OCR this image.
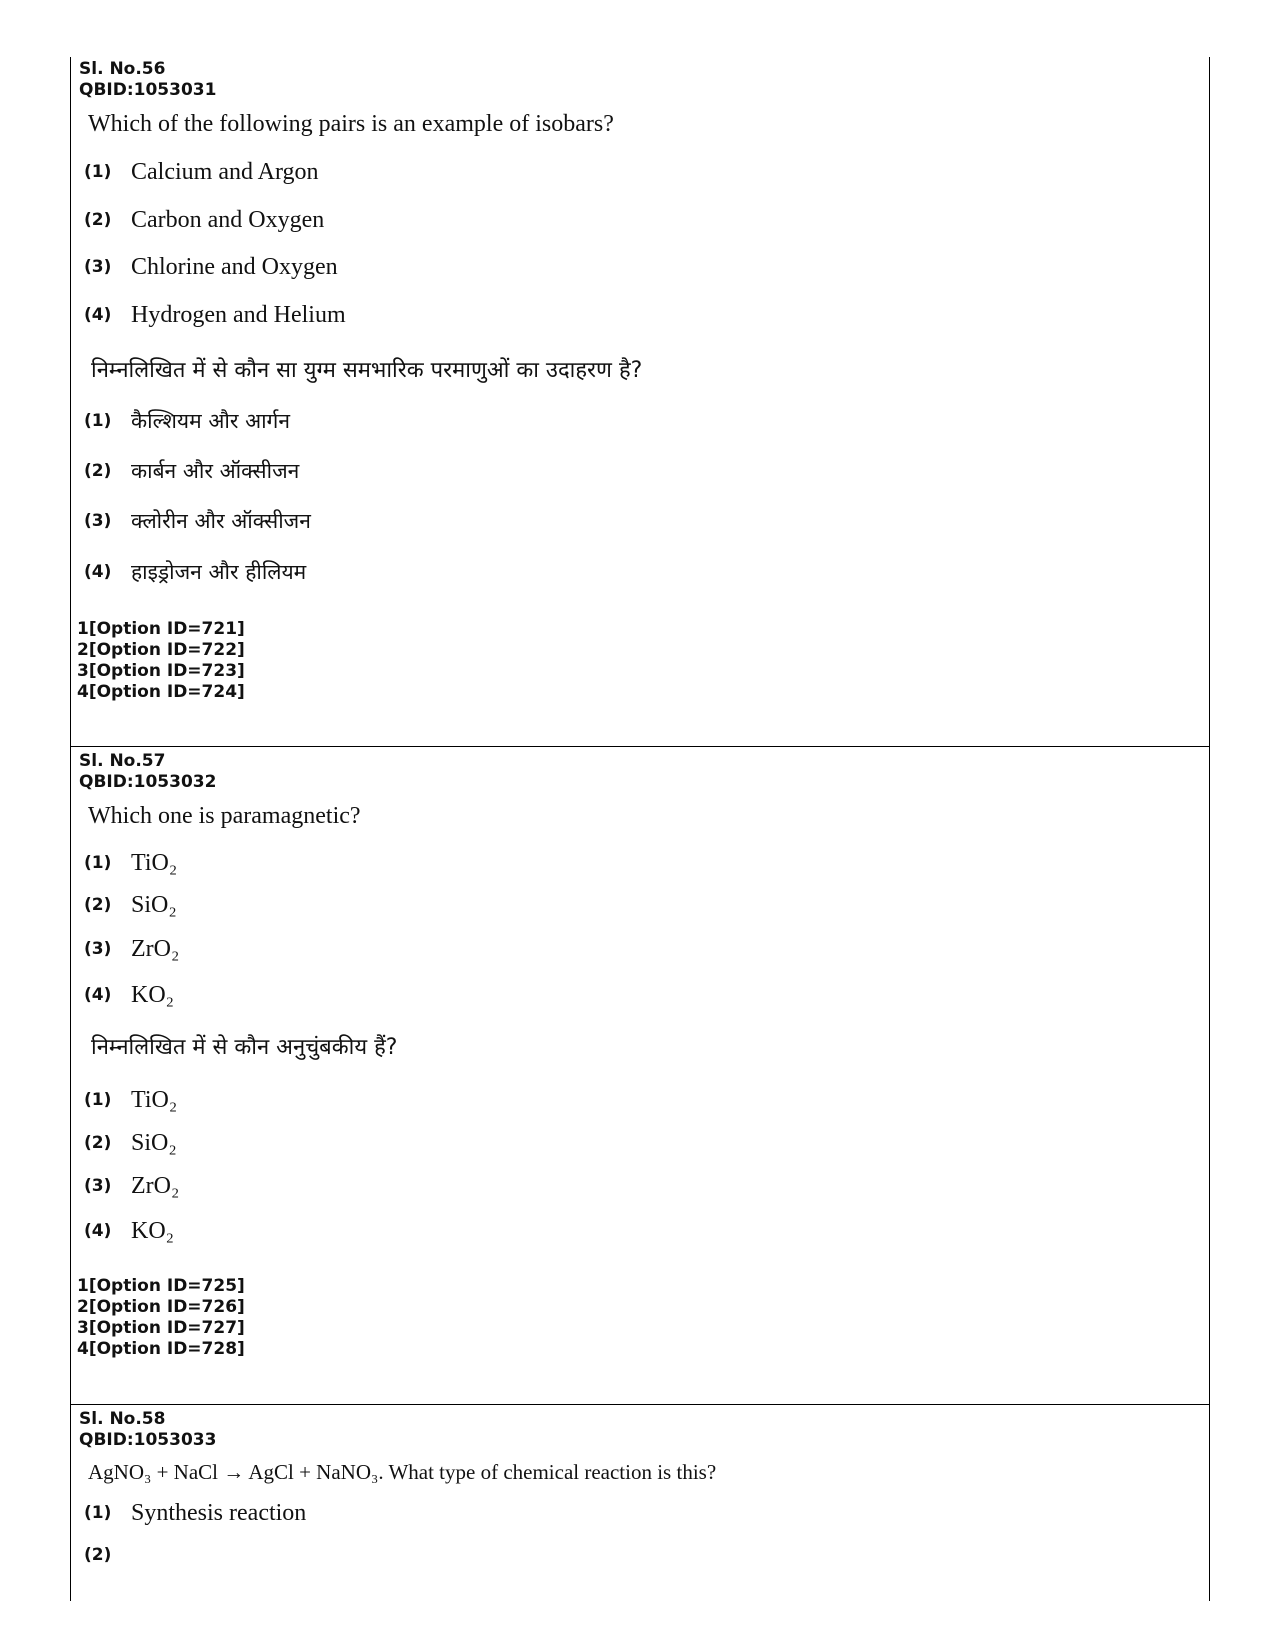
Sl. No.56
QBID:1053031
Which of the following pairs is an example of isobars?
(1) Calcium and Argon
(2) Carbon and Oxygen
(3) Chlorine and Oxygen
(4) Hydrogen and Helium
निम्नलिखित में से कौन सा युग्म समभारिक परमाणुओं का उदाहरण है?
(1) कैल्शियम और आर्गन
(2) कार्बन और ऑक्सीजन
(3) क्लोरीन और ऑक्सीजन
(4) हाइड्रोजन और हीलियम
1[Option ID=721]
2[Option ID=722]
3[Option ID=723]
4[Option ID=724]
Sl. No.57
QBID:1053032
Which one is paramagnetic?
(1) TiO₂
(2) SiO₂
(3) ZrO₂
(4) KO₂
निम्नलिखित में से कौन अनुचुंबकीय हैं?
(1) TiO₂
(2) SiO₂
(3) ZrO₂
(4) KO₂
1[Option ID=725]
2[Option ID=726]
3[Option ID=727]
4[Option ID=728]
Sl. No.58
QBID:1053033
AgNO₃ + NaCl → AgCl + NaNO₃. What type of chemical reaction is this?
(1) Synthesis reaction
(2)
